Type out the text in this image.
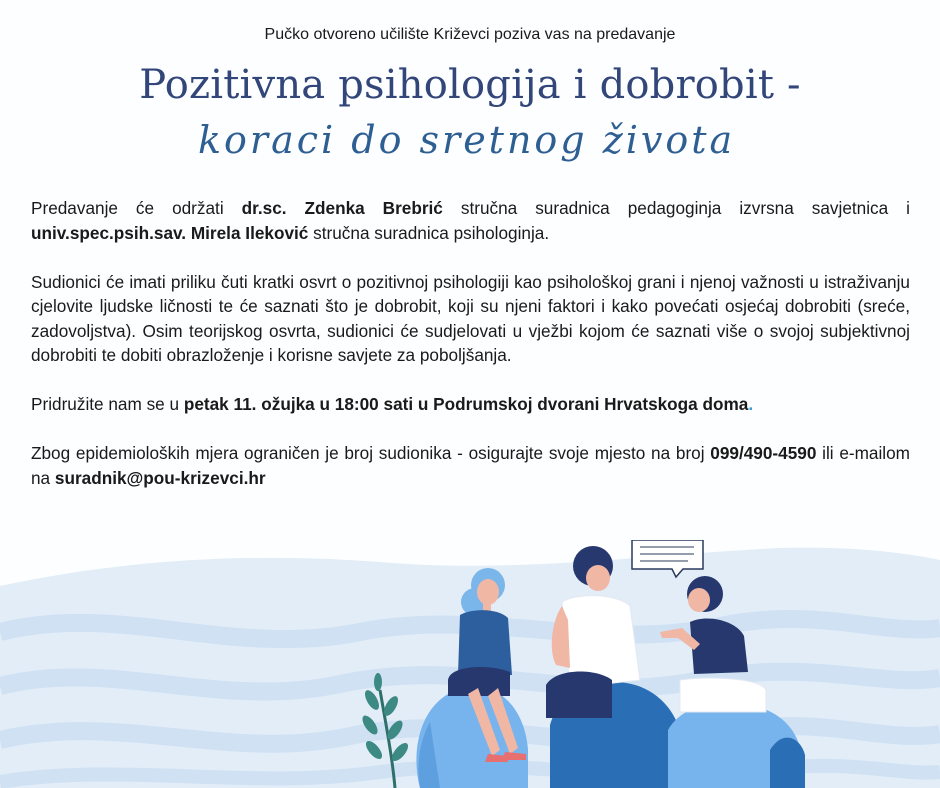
Pučko otvoreno učilište Križevci poziva vas na predavanje
Pozitivna psihologija i dobrobit -
koraci do sretnog života

Predavanje će održati dr.sc. Zdenka Brebrić stručna suradnica pedagoginja izvrsna savjetnica i univ.spec.psih.sav. Mirela Ileković stručna suradnica psihologinja.

Sudionici će imati priliku čuti kratki osvrt o pozitivnoj psihologiji kao psihološkoj grani i njenoj važnosti u istraživanju cjelovite ljudske ličnosti te će saznati što je dobrobit, koji su njeni faktori i kako povećati osjećaj dobrobiti (sreće, zadovoljstva). Osim teorijskog osvrta, sudionici će sudjelovati u vježbi kojom će saznati više o svojoj subjektivnoj dobrobiti te dobiti obrazloženje i korisne savjete za poboljšanja.

Pridružite nam se u petak 11. ožujka u 18:00 sati u Podrumskoj dvorani Hrvatskoga doma.

Zbog epidemioloških mjera ograničen je broj sudionika - osigurajte svoje mjesto na broj 099/490-4590 ili e-mailom na suradnik@pou-krizevci.hr
